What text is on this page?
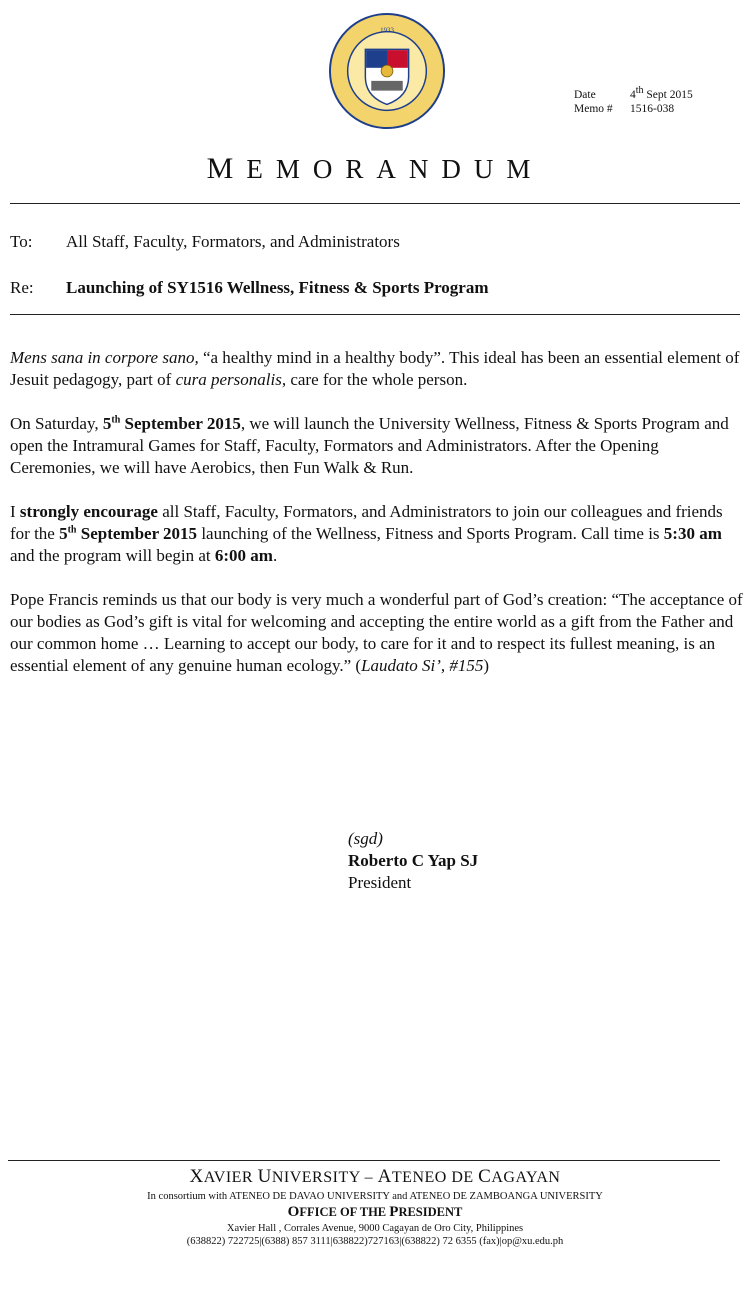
1933
Date	4th Sept 2015
Memo #	1516-038
MEMORANDUM
To: All Staff, Faculty, Formators, and Administrators
Re: Launching of SY1516 Wellness, Fitness & Sports Program

Mens sana in corpore sano, “a healthy mind in a healthy body”. This ideal has been an essential element of Jesuit pedagogy, part of cura personalis, care for the whole person.

On Saturday, 5th September 2015, we will launch the University Wellness, Fitness & Sports Program and open the Intramural Games for Staff, Faculty, Formators and Administrators. After the Opening Ceremonies, we will have Aerobics, then Fun Walk & Run.

I strongly encourage all Staff, Faculty, Formators, and Administrators to join our colleagues and friends for the 5th September 2015 launching of the Wellness, Fitness and Sports Program. Call time is 5:30 am and the program will begin at 6:00 am.

Pope Francis reminds us that our body is very much a wonderful part of God’s creation: “The acceptance of our bodies as God’s gift is vital for welcoming and accepting the entire world as a gift from the Father and our common home … Learning to accept our body, to care for it and to respect its fullest meaning, is an essential element of any genuine human ecology.” (Laudato Si’, #155)

(sgd)
Roberto C Yap SJ
President
XAVIER UNIVERSITY – ATENEO DE CAGAYAN
In consortium with ATENEO DE DAVAO UNIVERSITY and ATENEO DE ZAMBOANGA UNIVERSITY
OFFICE OF THE PRESIDENT
Xavier Hall , Corrales Avenue, 9000 Cagayan de Oro City, Philippines
(638822) 722725|(6388) 857 3111|638822)727163|(638822) 72 6355 (fax)|op@xu.edu.ph
